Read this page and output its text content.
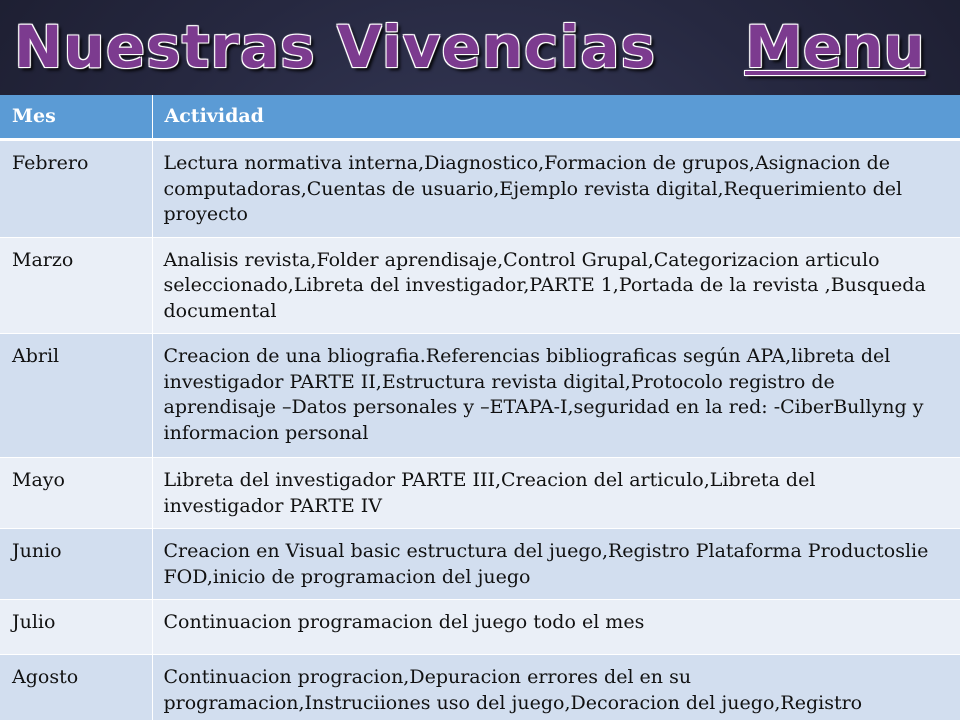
Nuestras Vivencias Menu
Mes	Actividad
Febrero	Lectura normativa interna,Diagnostico,Formacion de grupos,Asignacion de computadoras,Cuentas de usuario,Ejemplo revista digital,Requerimiento del proyecto
Marzo	Analisis revista,Folder aprendisaje,Control Grupal,Categorizacion articulo seleccionado,Libreta del investigador,PARTE 1,Portada de la revista ,Busqueda documental
Abril	Creacion de una bliografia.Referencias bibliograficas según APA,libreta del investigador PARTE II,Estructura revista digital,Protocolo registro de aprendisaje –Datos personales y –ETAPA-I,seguridad en la red: -CiberBullyng y informacion personal
Mayo	Libreta del investigador PARTE III,Creacion del articulo,Libreta del investigador PARTE IV
Junio	Creacion en Visual basic estructura del juego,Registro Plataforma Productoslie FOD,inicio de programacion del juego
Julio	Continuacion programacion del juego todo el mes
Agosto	Continuacion progracion,Depuracion errores del en su programacion,Instruciiones uso del juego,Decoracion del juego,Registro
